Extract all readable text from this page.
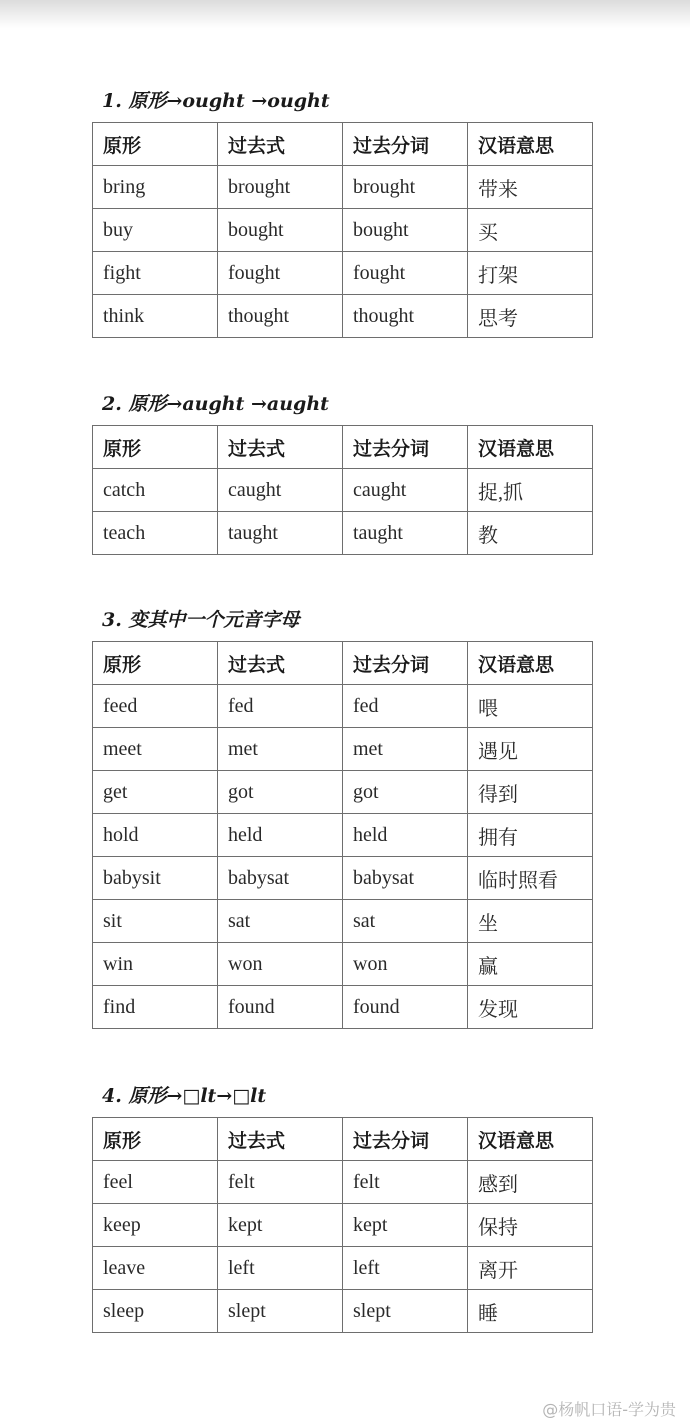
1. 原形→ought →ought
原形	过去式	过去分词	汉语意思
bring	brought	brought	带来
buy	bought	bought	买
fight	fought	fought	打架
think	thought	thought	思考
2. 原形→aught →aught
原形	过去式	过去分词	汉语意思
catch	caught	caught	捉,抓
teach	taught	taught	教
3. 变其中一个元音字母
原形	过去式	过去分词	汉语意思
feed	fed	fed	喂
meet	met	met	遇见
get	got	got	得到
hold	held	held	拥有
babysit	babysat	babysat	临时照看
sit	sat	sat	坐
win	won	won	赢
find	found	found	发现
4. 原形→□lt→□lt
原形	过去式	过去分词	汉语意思
feel	felt	felt	感到
keep	kept	kept	保持
leave	left	left	离开
sleep	slept	slept	睡
@杨帆口语-学为贵
